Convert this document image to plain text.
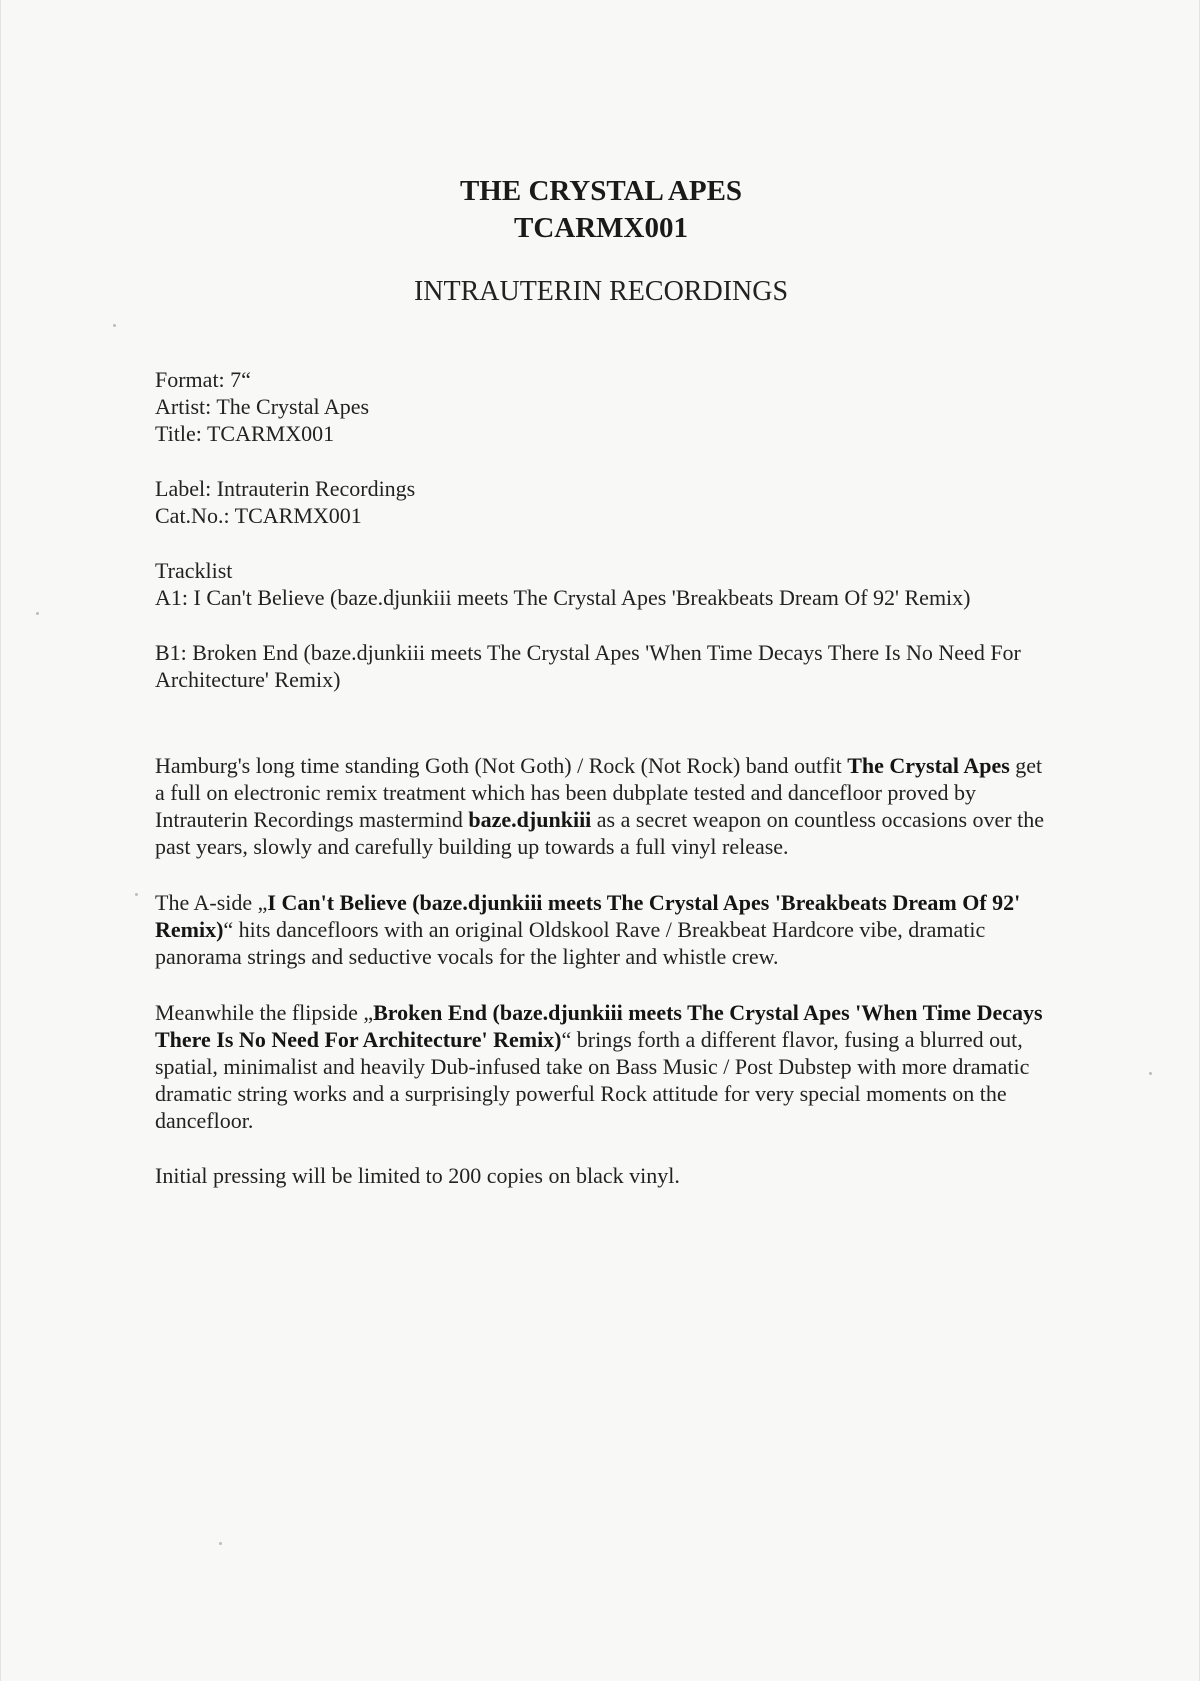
THE CRYSTAL APES
TCARMX001
INTRAUTERIN RECORDINGS

Format: 7“

Artist: The Crystal Apes

Title: TCARMX001

Label: Intrauterin Recordings

Cat.No.: TCARMX001

Tracklist

A1: I Can't Believe (baze.djunkiii meets The Crystal Apes 'Breakbeats Dream Of 92' Remix)

B1: Broken End (baze.djunkiii meets The Crystal Apes 'When Time Decays There Is No Need For Architecture' Remix)

Hamburg's long time standing Goth (Not Goth) / Rock (Not Rock) band outfit The Crystal Apes get a full on electronic remix treatment which has been dubplate tested and dancefloor proved by Intrauterin Recordings mastermind baze.djunkiii as a secret weapon on countless occasions over the past years, slowly and carefully building up towards a full vinyl release.

The A-side „I Can't Believe (baze.djunkiii meets The Crystal Apes 'Breakbeats Dream Of 92' Remix)“ hits dancefloors with an original Oldskool Rave / Breakbeat Hardcore vibe, dramatic panorama strings and seductive vocals for the lighter and whistle crew.

Meanwhile the flipside „Broken End (baze.djunkiii meets The Crystal Apes 'When Time Decays There Is No Need For Architecture' Remix)“ brings forth a different flavor, fusing a blurred out, spatial, minimalist and heavily Dub-infused take on Bass Music / Post Dubstep with more dramatic dramatic string works and a surprisingly powerful Rock attitude for very special moments on the dancefloor.

Initial pressing will be limited to 200 copies on black vinyl.
